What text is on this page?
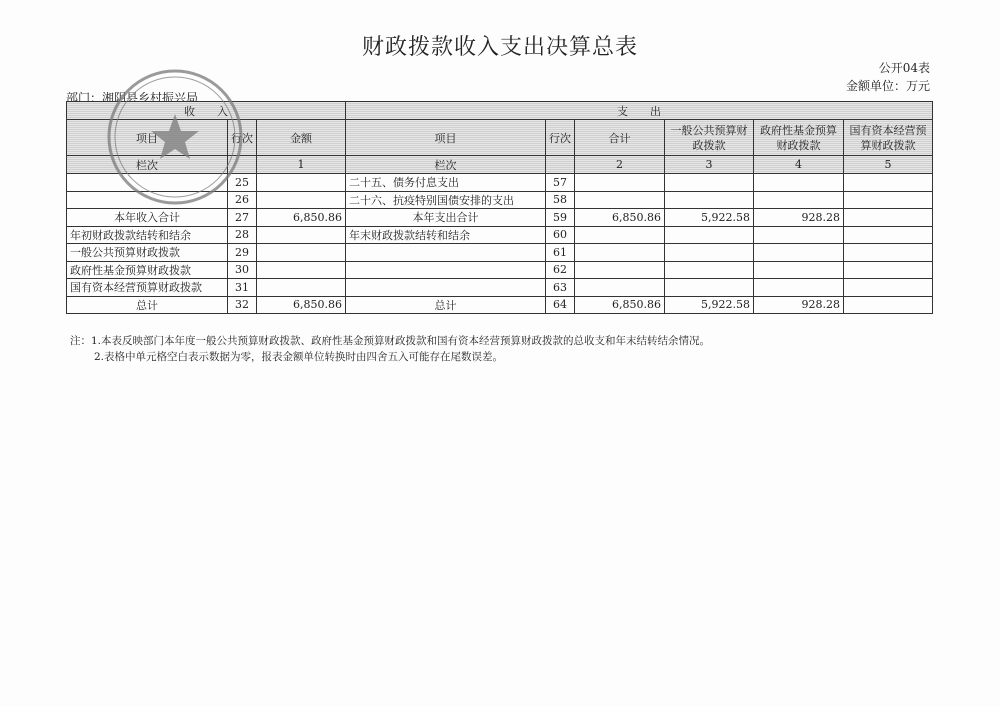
财政拨款收入支出决算总表
公开04表
金额单位：万元
部门：湘阴县乡村振兴局
收　　入			支　　出					
项目	行次	金额	项目	行次	合计	一般公共预算财政拨款	政府性基金预算财政拨款	国有资本经营预算财政拨款
栏次		1	栏次		2	3	4	5
	25		二十五、债务付息支出	57				
	26		二十六、抗疫特别国债安排的支出	58				
本年收入合计	27	6,850.86	本年支出合计	59	6,850.86	5,922.58	928.28	
年初财政拨款结转和结余	28		年末财政拨款结转和结余	60				
一般公共预算财政拨款	29			61				
政府性基金预算财政拨款	30			62				
国有资本经营预算财政拨款	31			63				
总计	32	6,850.86	总计	64	6,850.86	5,922.58	928.28	
注：1.本表反映部门本年度一般公共预算财政拨款、政府性基金预算财政拨款和国有资本经营预算财政拨款的总收支和年末结转结余情况。
2.表格中单元格空白表示数据为零，报表金额单位转换时由四舍五入可能存在尾数误差。
